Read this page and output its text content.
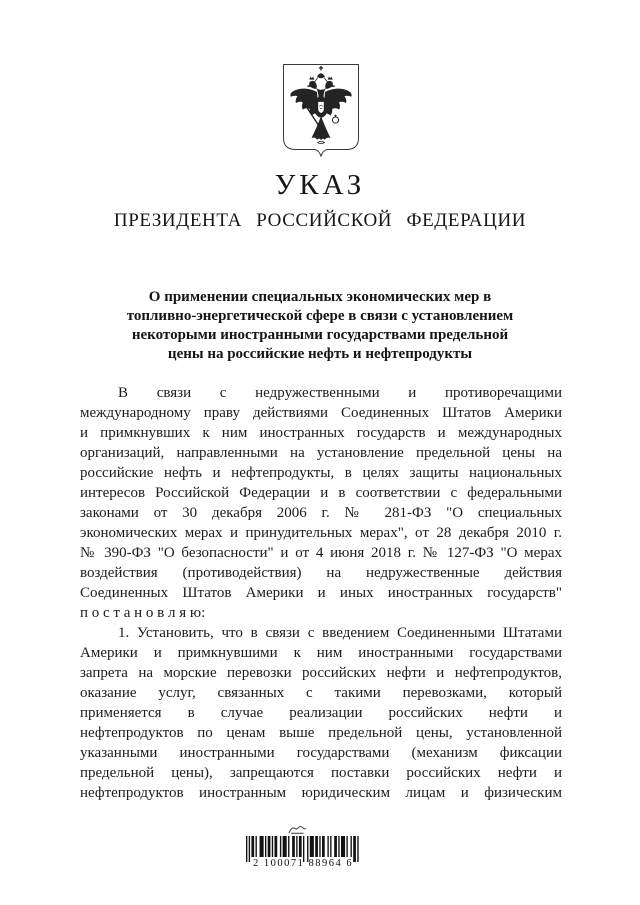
УКАЗ
ПРЕЗИДЕНТА РОССИЙСКОЙ ФЕДЕРАЦИИ
О применении специальных экономических мер в
топливно-энергетической сфере в связи с установлением
некоторыми иностранными государствами предельной
цены на российские нефть и нефтепродукты
В связи с недружественными и противоречащими
международному праву действиями Соединенных Штатов Америки
и примкнувших к ним иностранных государств и международных
организаций, направленными на установление предельной цены на
российские нефть и нефтепродукты, в целях защиты национальных
интересов Российской Федерации и в соответствии с федеральными
законами от 30 декабря 2006 г. № 281-ФЗ "О специальных
экономических мерах и принудительных мерах", от 28 декабря 2010 г.
№ 390-ФЗ "О безопасности" и от 4 июня 2018 г. № 127-ФЗ "О мерах
воздействия (противодействия) на недружественные действия
Соединенных Штатов Америки и иных иностранных государств"
п о с т а н о в л я ю:
1. Установить, что в связи с введением Соединенными Штатами
Америки и примкнувшими к ним иностранными государствами
запрета на морские перевозки российских нефти и нефтепродуктов,
оказание услуг, связанных с такими перевозками, который
применяется в случае реализации российских нефти и
нефтепродуктов по ценам выше предельной цены, установленной
указанными иностранными государствами (механизм фиксации
предельной цены), запрещаются поставки российских нефти и
нефтепродуктов иностранным юридическим лицам и физическим
2 100071 88964 6
